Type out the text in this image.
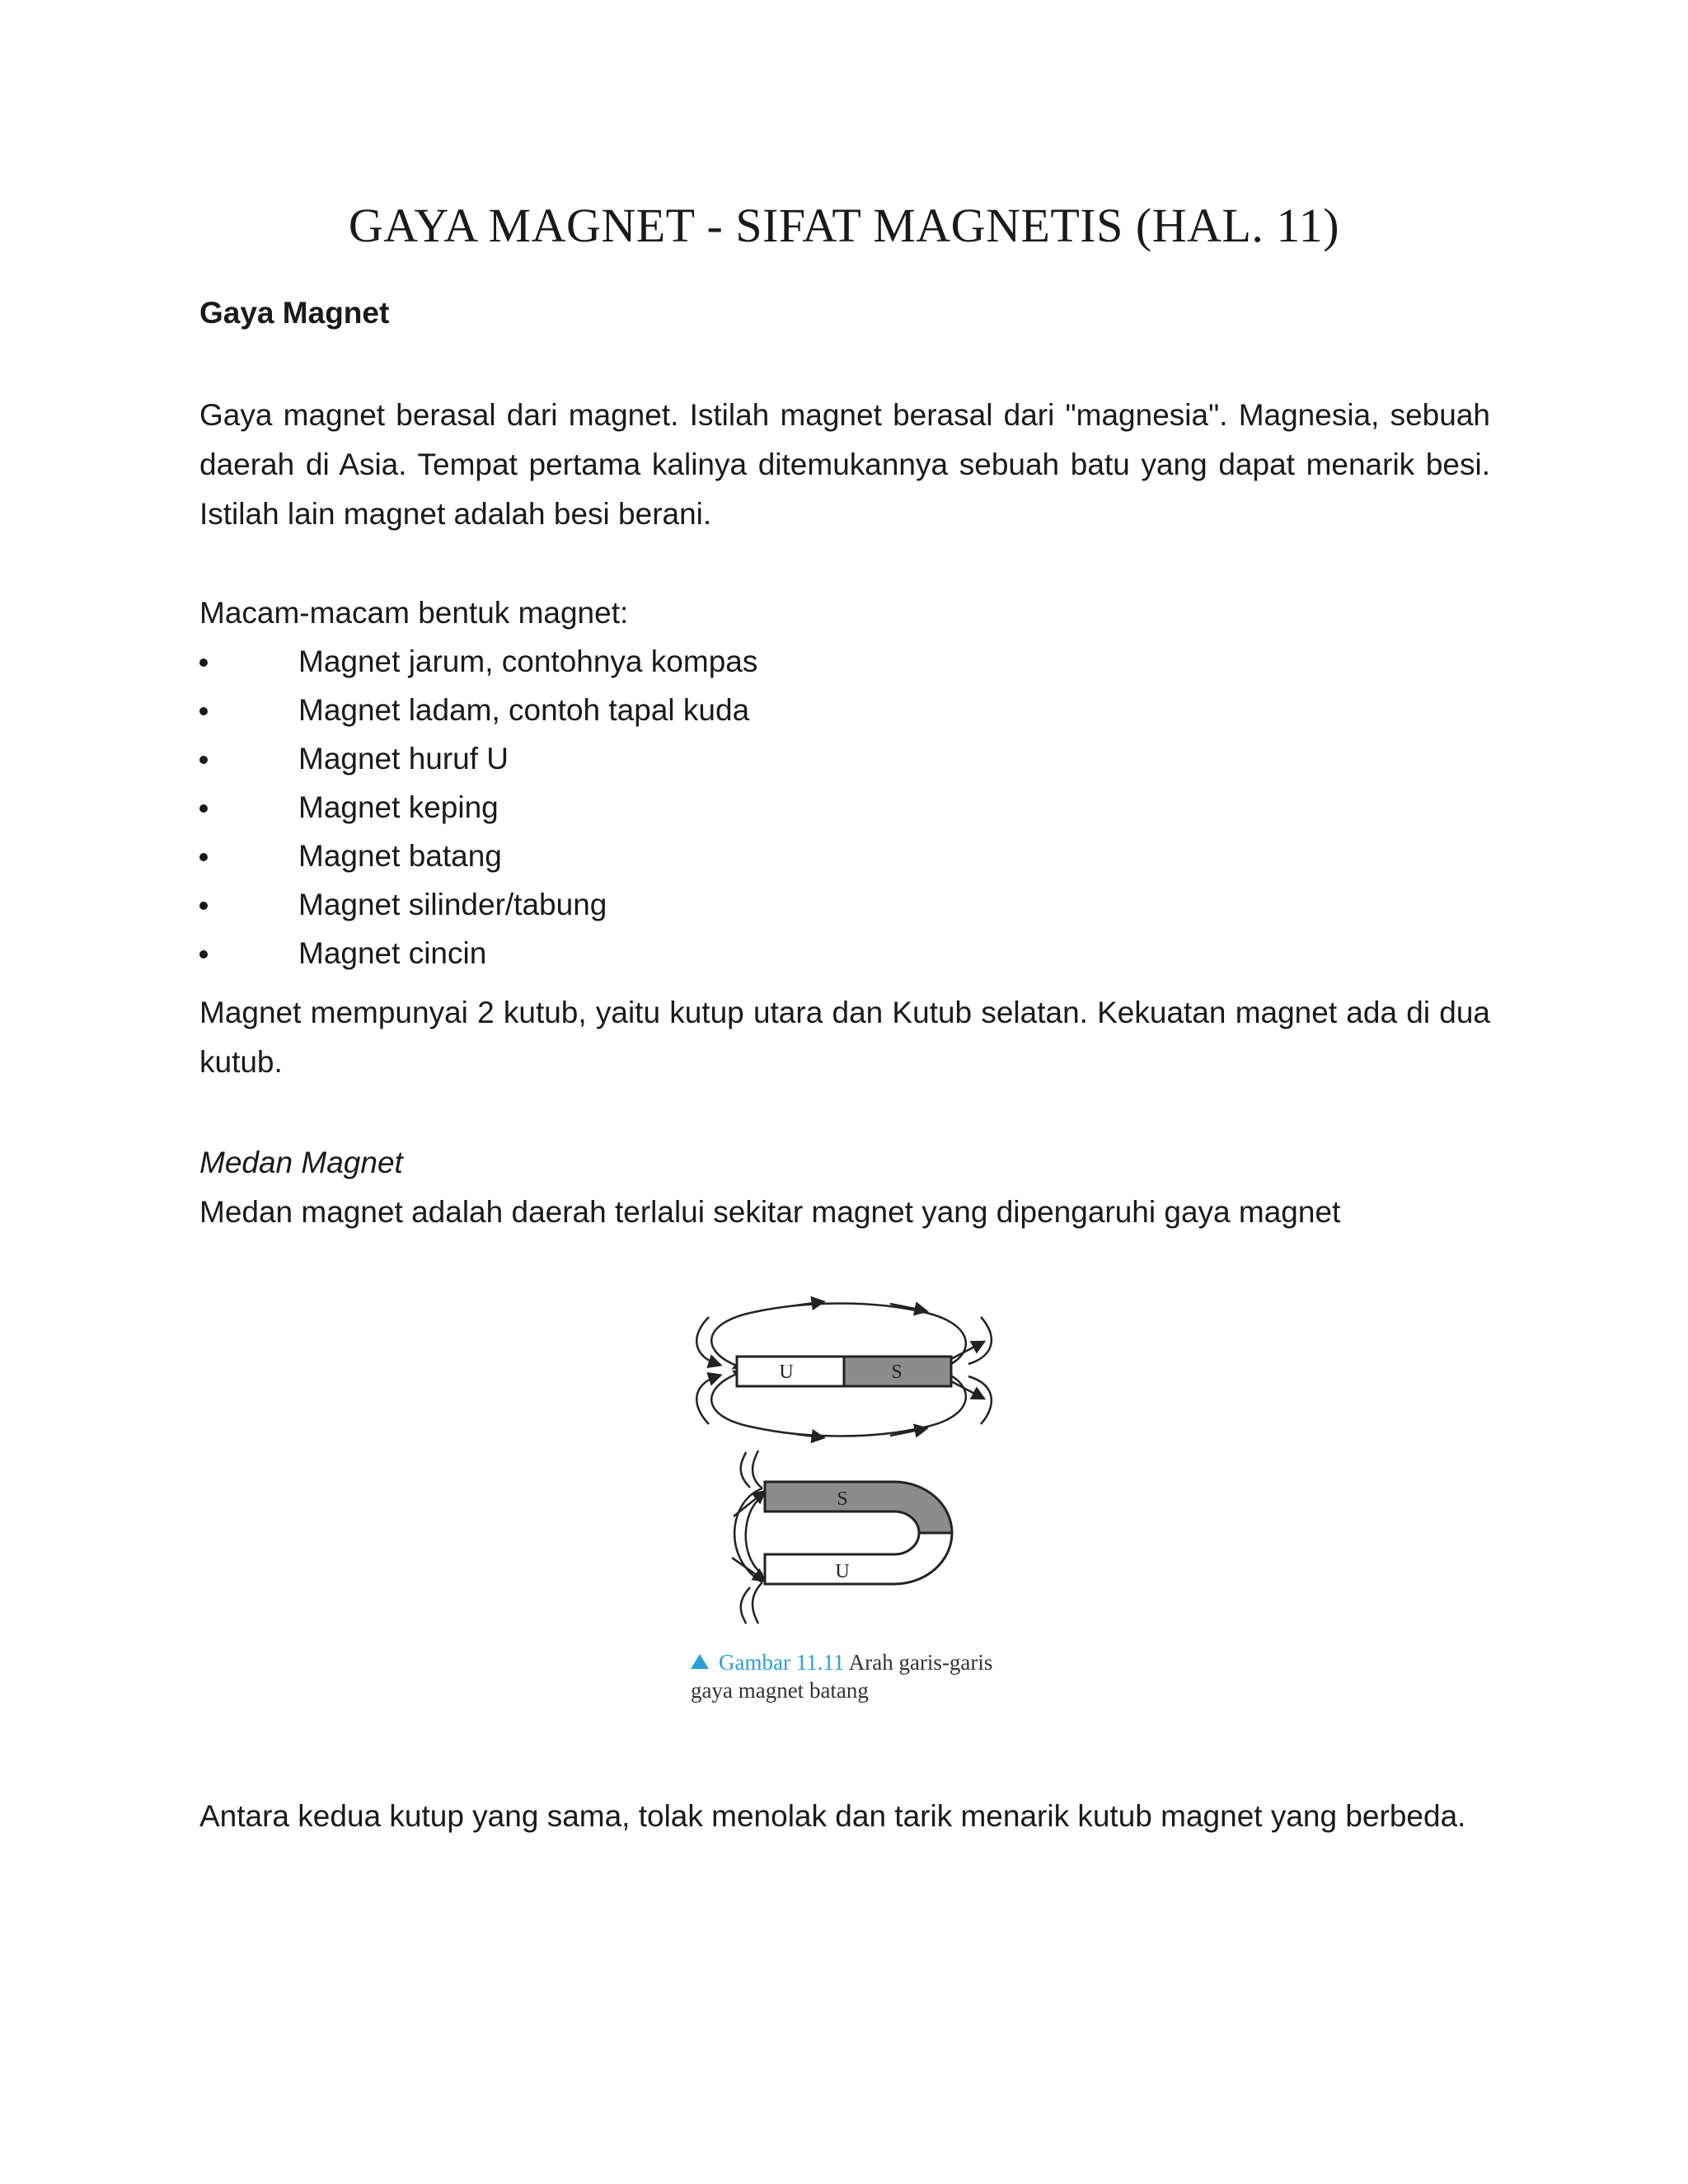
GAYA MAGNET - SIFAT MAGNETIS (HAL. 11)
Gaya Magnet
Gaya magnet berasal dari magnet. Istilah magnet berasal dari "magnesia". Magnesia, sebuah daerah di Asia. Tempat pertama kalinya ditemukannya sebuah batu yang dapat menarik besi. Istilah lain magnet adalah besi berani.
Macam-macam bentuk magnet:
Magnet jarum, contohnya kompas
Magnet ladam, contoh tapal kuda
Magnet huruf U
Magnet keping
Magnet batang
Magnet silinder/tabung
Magnet cincin
Magnet mempunyai 2 kutub, yaitu kutup utara dan Kutub selatan. Kekuatan magnet ada di dua kutub.
Medan Magnet
Medan magnet adalah daerah terlalui sekitar magnet yang dipengaruhi gaya magnet
U	S
S
U
Gambar 11.11 Arah garis-garis gaya magnet batang
Antara kedua kutup yang sama, tolak menolak dan tarik menarik kutub magnet yang berbeda.
